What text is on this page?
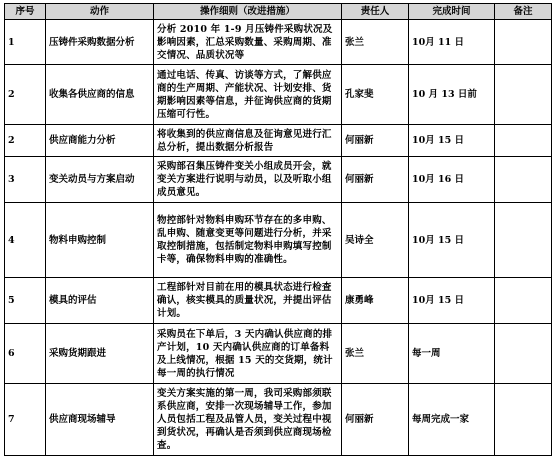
序号	动作	操作细则（改进措施）	责任人	完成时间	备注
1	压铸件采购数据分析	分析 2010 年 1-9 月压铸件采购状况及影响因素，汇总采购数量、采购周期、准交情况、品质状况等	张兰	10月 11 日	
2	收集各供应商的信息	通过电话、传真、访谈等方式，了解供应商的生产周期、产能状况、计划安排、货期影响因素等信息，并征询供应商的货期压缩可行性。	孔家斐	10 月 13 日前	
2	供应商能力分析	将收集到的供应商信息及征询意见进行汇总分析，提出数据分析报告	何丽新	10月 15 日	
3	变关动员与方案启动	采购部召集压铸件变关小组成员开会，就变关方案进行说明与动员，以及听取小组成员意见。	何丽新	10月 16 日	
4	物料申购控制	物控部针对物料申购环节存在的多申购、乱申购、随意变更等问题进行分析，并采取控制措施，包括制定物料申购填写控制卡等，确保物料申购的准确性。	吴诗全	10月 15 日	
5	模具的评估	工程部针对目前在用的模具状态进行检查确认，核实模具的质量状况，并提出评估计划。	康勇峰	10月 15 日	
6	采购货期跟进	采购员在下单后，3 天内确认供应商的排产计划，10 天内确认供应商的订单备料及上线情况，根据 15 天的交货期，统计每一周的执行情况	张兰	每一周	
7	供应商现场辅导	变关方案实施的第一周，我司采购部须联系供应商，安排一次现场辅导工作，参加人员包括工程及品管人员，变关过程中视到货状况，再确认是否须到供应商现场检查。	何丽新	每周完成一家	
